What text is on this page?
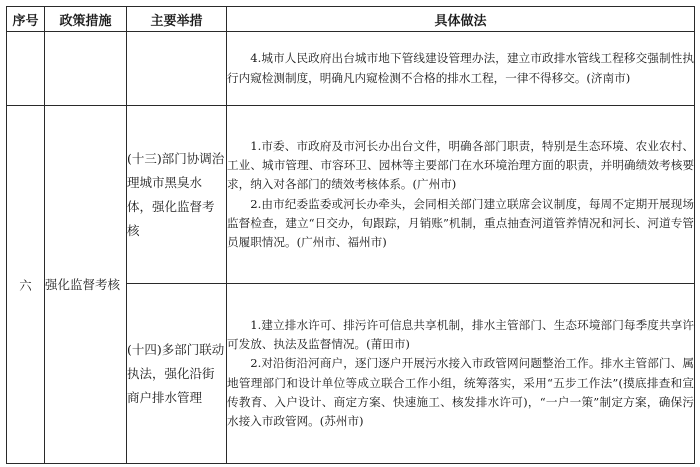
序号	政策措施	主要举措	具体做法

			4.城市人民政府出台城市地下管线建设管理办法，建立市政排水管线工程移交强制性执行内窥检测制度，明确凡内窥检测不合格的排水工程，一律不得移交。(济南市)

六	强化监督考核	(十三)部门协调治理城市黑臭水体，强化监督考核	1.市委、市政府及市河长办出台文件，明确各部门职责，特别是生态环境、农业农村、工业、城市管理、市容环卫、园林等主要部门在水环境治理方面的职责，并明确绩效考核要求，纳入对各部门的绩效考核体系。(广州市)

2.由市纪委监委或河长办牵头，会同相关部门建立联席会议制度，每周不定期开展现场监督检查，建立“日交办，旬跟踪，月销账”机制，重点抽查河道管养情况和河长、河道专管员履职情况。(广州市、福州市)

		(十四)多部门联动执法，强化沿街商户排水管理	1.建立排水许可、排污许可信息共享机制，排水主管部门、生态环境部门每季度共享许可发放、执法及监督情况。(莆田市)

2.对沿街沿河商户，逐门逐户开展污水接入市政管网问题整治工作。排水主管部门、属地管理部门和设计单位等成立联合工作小组，统筹落实，采用“五步工作法”(摸底排查和宣传教育、入户设计、商定方案、快速施工、核发排水许可)，“一户一策”制定方案，确保污水接入市政管网。(苏州市)
